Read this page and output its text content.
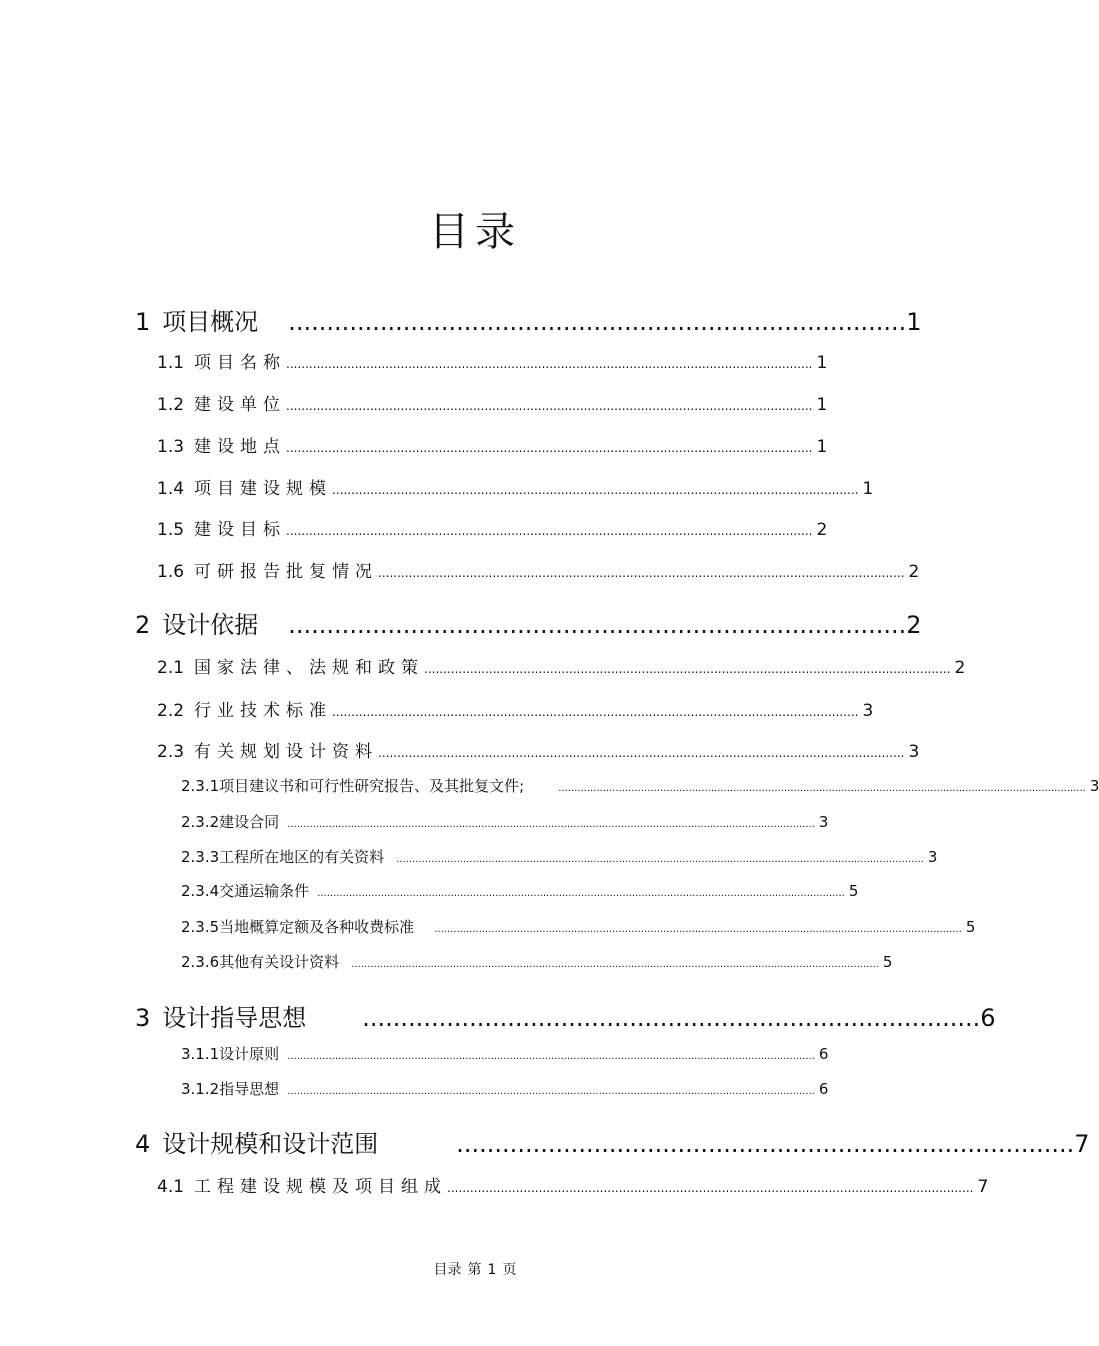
目录
1 项目概况 ................................................................................. 1
1.1 项目名称 .......................................................................................................................................... 1
1.2 建设单位 .......................................................................................................................................... 1
1.3 建设地点 .......................................................................................................................................... 1
1.4 项目建设规模 .......................................................................................................................................... 1
1.5 建设目标 .......................................................................................................................................... 2
1.6 可研报告批复情况 .......................................................................................................................................... 2
2 设计依据 ................................................................................. 2
2.1 国家法律、法规和政策 .......................................................................................................................................... 2
2.2 行业技术标准 .......................................................................................................................................... 3
2.3 有关规划设计资料 .......................................................................................................................................... 3
2.3.1 项目建议书和可行性研究报告、及其批复文件;	...................................................................................................................................................................... 3
2.3.2 建设合同 ...................................................................................................................................................................... 3
2.3.3 工程所在地区的有关资料 ...................................................................................................................................................................... 3
2.3.4 交通运输条件 ...................................................................................................................................................................... 5
2.3.5 当地概算定额及各种收费标准 ...................................................................................................................................................................... 5
2.3.6 其他有关设计资料 ...................................................................................................................................................................... 5
3 设计指导思想 ................................................................................. 6
3.1.1 设计原则 ...................................................................................................................................................................... 6
3.1.2 指导思想 ...................................................................................................................................................................... 6
4 设计规模和设计范围	................................................................................. 7
4.1 工程建设规模及项目组成 .......................................................................................................................................... 7
目录 第 1 页
